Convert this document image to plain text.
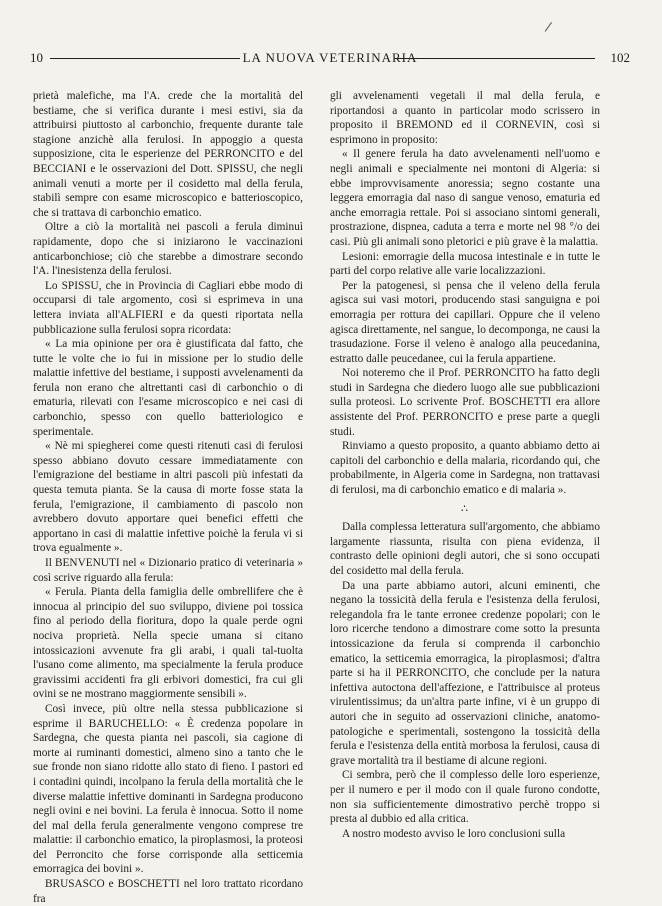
/
10	LA NUOVA VETERINARIA	102

prietà malefiche, ma l'A. crede che la mortalità del bestiame, che si verifica durante i mesi estivi, sia da attribuirsi piuttosto al carbonchio, frequente durante tale stagione anzichè alla ferulosi. In appoggio a questa supposizione, cita le esperienze del PERRONCITO e del BECCIANI e le osservazioni del Dott. SPISSU, che negli animali venuti a morte per il cosidetto mal della ferula, stabilì sempre con esame microscopico e batterioscopico, che si trattava di carbonchio ematico.

Oltre a ciò la mortalità nei pascoli a ferula diminuì rapidamente, dopo che si iniziarono le vaccinazioni anticarbonchiose; ciò che starebbe a dimostrare secondo l'A. l'inesistenza della ferulosi.

Lo SPISSU, che in Provincia di Cagliari ebbe modo di occuparsi di tale argomento, così si esprimeva in una lettera inviata all'ALFIERI e da questi riportata nella pubblicazione sulla ferulosi sopra ricordata:

« La mia opinione per ora è giustificata dal fatto, che tutte le volte che io fui in missione per lo studio delle malattie infettive del bestiame, i supposti avvelenamenti da ferula non erano che altrettanti casi di carbonchio o di ematuria, rilevati con l'esame microscopico e nei casi di carbonchio, spesso con quello batteriologico e sperimentale.

« Nè mi spiegherei come questi ritenuti casi di ferulosi spesso abbiano dovuto cessare immediatamente con l'emigrazione del bestiame in altri pascoli più infestati da questa temuta pianta. Se la causa di morte fosse stata la ferula, l'emigrazione, il cambiamento di pascolo non avrebbero dovuto apportare quei benefici effetti che apportano in casi di malattie infettive poichè la ferula vi si trova egualmente ».

Il BENVENUTI nel « Dizionario pratico di veterinaria » così scrive riguardo alla ferula:

« Ferula. Pianta della famiglia delle ombrellifere che è innocua al principio del suo sviluppo, diviene poi tossica fino al periodo della fioritura, dopo la quale perde ogni nociva proprietà. Nella specie umana si citano intossicazioni avvenute fra gli arabi, i quali tal-tuolta l'usano come alimento, ma specialmente la ferula produce gravissimi accidenti fra gli erbivori domestici, fra cui gli ovini se ne mostrano maggiormente sensibili ».

Così invece, più oltre nella stessa pubblicazione si esprime il BARUCHELLO: « È credenza popolare in Sardegna, che questa pianta nei pascoli, sia cagione di morte ai ruminanti domestici, almeno sino a tanto che le sue fronde non siano ridotte allo stato di fieno. I pastori ed i contadini quindi, incolpano la ferula della mortalità che le diverse malattie infettive dominanti in Sardegna producono negli ovini e nei bovini. La ferula è innocua. Sotto il nome del mal della ferula generalmente vengono comprese tre malattie: il carbonchio ematico, la piroplasmosi, la proteosi del Perroncito che forse corrisponde alla setticemia emorragica dei bovini ».

BRUSASCO e BOSCHETTI nel loro trattato ricordano fra

gli avvelenamenti vegetali il mal della ferula, e riportandosi a quanto in particolar modo scrissero in proposito il BREMOND ed il CORNEVIN, così si esprimono in proposito:

« Il genere ferula ha dato avvelenamenti nell'uomo e negli animali e specialmente nei montoni di Algeria: si ebbe improvvisamente anoressia; segno costante una leggera emorragia dal naso di sangue venoso, ematuria ed anche emorragia rettale. Poi si associano sintomi generali, prostrazione, dispnea, caduta a terra e morte nel 98 °/o dei casi. Più gli animali sono pletorici e più grave è la malattia.

Lesioni: emorragie della mucosa intestinale e in tutte le parti del corpo relative alle varie localizzazioni.

Per la patogenesi, si pensa che il veleno della ferula agisca sui vasi motori, producendo stasi sanguigna e poi emorragia per rottura dei capillari. Oppure che il veleno agisca direttamente, nel sangue, lo decomponga, ne causi la trasudazione. Forse il veleno è analogo alla peucedanina, estratto dalle peucedanee, cui la ferula appartiene.

Noi noteremo che il Prof. PERRONCITO ha fatto degli studi in Sardegna che diedero luogo alle sue pubblicazioni sulla proteosi. Lo scrivente Prof. BOSCHETTI era allore assistente del Prof. PERRONCITO e prese parte a quegli studi.

Rinviamo a questo proposito, a quanto abbiamo detto ai capitoli del carbonchio e della malaria, ricordando qui, che probabilmente, in Algeria come in Sardegna, non trattavasi di ferulosi, ma di carbonchio ematico e di malaria ».

∴

Dalla complessa letteratura sull'argomento, che abbiamo largamente riassunta, risulta con piena evidenza, il contrasto delle opinioni degli autori, che si sono occupati del cosidetto mal della ferula.

Da una parte abbiamo autori, alcuni eminenti, che negano la tossicità della ferula e l'esistenza della ferulosi, relegandola fra le tante erronee credenze popolari; con le loro ricerche tendono a dimostrare come sotto la presunta intossicazione da ferula si comprenda il carbonchio ematico, la setticemia emorragica, la piroplasmosi; d'altra parte si ha il PERRONCITO, che conclude per la natura infettiva autoctona dell'affezione, e l'attribuisce al proteus virulentissimus; da un'altra parte infine, vi è un gruppo di autori che in seguito ad osservazioni cliniche, anatomo-patologiche e sperimentali, sostengono la tossicità della ferula e l'esistenza della entità morbosa la ferulosi, causa di grave mortalità tra il bestiame di alcune regioni.

Ci sembra, però che il complesso delle loro esperienze, per il numero e per il modo con il quale furono condotte, non sia sufficientemente dimostrativo perchè troppo si presta al dubbio ed alla critica.

A nostro modesto avviso le loro conclusioni sulla
